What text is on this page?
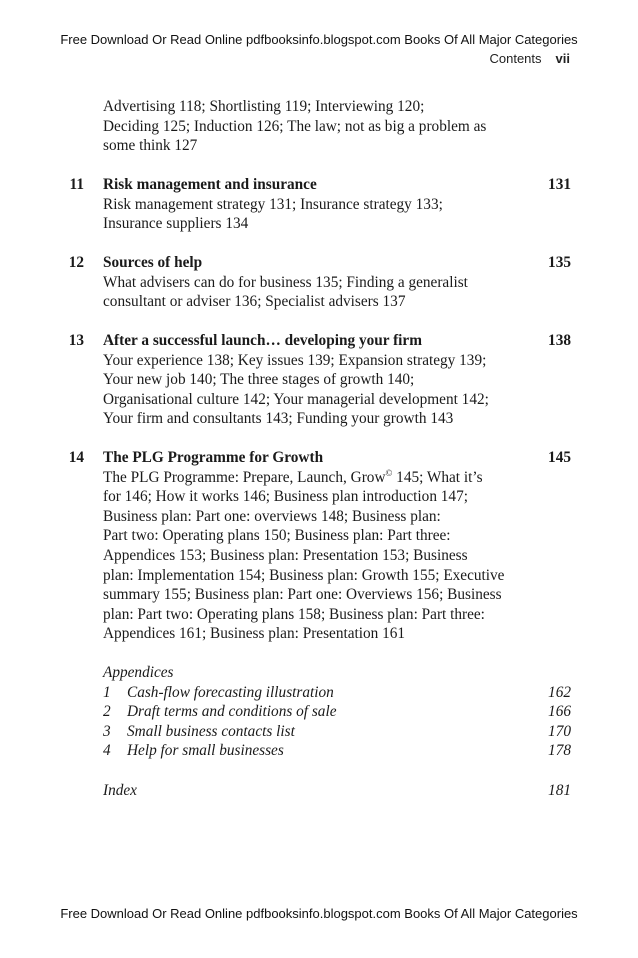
Free Download Or Read Online pdfbooksinfo.blogspot.com Books Of All Major Categories
Contents vii
Advertising 118; Shortlisting 119; Interviewing 120;
Deciding 125; Induction 126; The law; not as big a problem as
some think 127
11 Risk management and insurance	131
Risk management strategy 131; Insurance strategy 133;
Insurance suppliers 134
12 Sources of help	135
What advisers can do for business 135; Finding a generalist
consultant or adviser 136; Specialist advisers 137
13 After a successful launch… developing your firm	138
Your experience 138; Key issues 139; Expansion strategy 139;
Your new job 140; The three stages of growth 140;
Organisational culture 142; Your managerial development 142;
Your firm and consultants 143; Funding your growth 143
14 The PLG Programme for Growth	145
The PLG Programme: Prepare, Launch, Grow© 145; What it’s
for 146; How it works 146; Business plan introduction 147;
Business plan: Part one: overviews 148; Business plan:
Part two: Operating plans 150; Business plan: Part three:
Appendices 153; Business plan: Presentation 153; Business
plan: Implementation 154; Business plan: Growth 155; Executive
summary 155; Business plan: Part one: Overviews 156; Business
plan: Part two: Operating plans 158; Business plan: Part three:
Appendices 161; Business plan: Presentation 161
Appendices
1 Cash-flow forecasting illustration	162
2 Draft terms and conditions of sale	166
3 Small business contacts list	170
4 Help for small businesses	178
Index	181
Free Download Or Read Online pdfbooksinfo.blogspot.com Books Of All Major Categories
